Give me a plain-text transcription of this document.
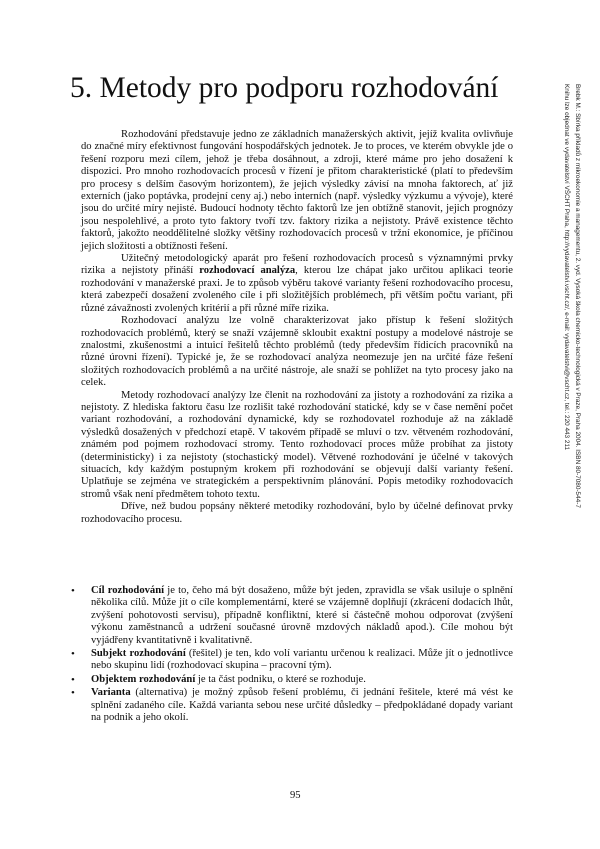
5. Metody pro podporu rozhodování	Brebk M.: Sbírka příkladů z mikroekonomie a managementu, 2. vyd. Vysoká škola chemicko-technologická v Praze, Praha 2004. ISBN 80-7080-544-7
Knihu lze objednat ve vydavatelství VŠCHT Praha, http://vydavatelstvi.vscht.cz/, e-mail: vydavatelstvi@vscht.cz, tel.: 220 443 211

Rozhodování představuje jedno ze základních manažerských aktivit, jejíž kvalita ovlivňuje do značné míry efektivnost fungování hospodářských jednotek. Je to proces, ve kterém obvykle jde o řešení rozporu mezi cílem, jehož je třeba dosáhnout, a zdroji, které máme pro jeho dosažení k dispozici. Pro mnoho rozhodovacích procesů v řízení je přitom charakteristické (platí to především pro procesy s delším časovým horizontem), že jejich výsledky závisí na mnoha faktorech, ať již externích (jako poptávka, prodejní ceny aj.) nebo interních (např. výsledky výzkumu a vývoje), které jsou do určité míry nejisté. Budoucí hodnoty těchto faktorů lze jen obtížně stanovit, jejich prognózy jsou nespolehlivé, a proto tyto faktory tvoří tzv. faktory rizika a nejistoty. Právě existence těchto faktorů, jakožto neoddělitelné složky většiny rozhodovacích procesů v tržní ekonomice, je příčinou jejich složitosti a obtížnosti řešení.

Užitečný metodologický aparát pro řešení rozhodovacích procesů s významnými prvky rizika a nejistoty přináší rozhodovací analýza, kterou lze chápat jako určitou aplikaci teorie rozhodování v manažerské praxi. Je to způsob výběru takové varianty řešení rozhodovacího procesu, která zabezpečí dosažení zvoleného cíle i při složitějších problémech, při větším počtu variant, při různé závažnosti zvolených kritérií a při různé míře rizika.

Rozhodovací analýzu lze volně charakterizovat jako přístup k řešení složitých rozhodovacích problémů, který se snaží vzájemně skloubit exaktní postupy a modelové nástroje se znalostmi, zkušenostmi a intuicí řešitelů těchto problémů (tedy především řídicích pracovníků na různé úrovni řízení). Typické je, že se rozhodovací analýza neomezuje jen na určité fáze řešení složitých rozhodovacích problémů a na určité nástroje, ale snaží se pohlížet na tyto procesy jako na celek.

Metody rozhodovací analýzy lze členit na rozhodování za jistoty a rozhodování za rizika a nejistoty. Z hlediska faktoru času lze rozlišit také rozhodování statické, kdy se v čase nemění počet variant rozhodování, a rozhodování dynamické, kdy se rozhodovatel rozhoduje až na základě výsledků dosažených v předchozí etapě. V takovém případě se mluví o tzv. větveném rozhodování, známém pod pojmem rozhodovací stromy. Tento rozhodovací proces může probíhat za jistoty (deterministicky) i za nejistoty (stochastický model). Větvené rozhodování je účelné v takových situacích, kdy každým postupným krokem při rozhodování se objevují další varianty řešení. Uplatňuje se zejména ve strategickém a perspektivním plánování. Popis metodiky rozhodovacích stromů však není předmětem tohoto textu.

Dříve, než budou popsány některé metodiky rozhodování, bylo by účelné definovat prvky rozhodovacího procesu.

• Cíl rozhodování je to, čeho má být dosaženo, může být jeden, zpravidla se však usiluje o splnění několika cílů. Může jít o cíle komplementární, které se vzájemně doplňují (zkrácení dodacích lhůt, zvýšení pohotovosti servisu), případně konfliktní, které si částečně mohou odporovat (zvýšení výkonu zaměstnanců a udržení současné úrovně mzdových nákladů apod.). Cíle mohou být vyjádřeny kvantitativně i kvalitativně.
• Subjekt rozhodování (řešitel) je ten, kdo volí variantu určenou k realizaci. Může jít o jednotlivce nebo skupinu lidí (rozhodovací skupina – pracovní tým).
• Objektem rozhodování je ta část podniku, o které se rozhoduje.
• Varianta (alternativa) je možný způsob řešení problému, či jednání řešitele, které má vést ke splnění zadaného cíle. Každá varianta sebou nese určité důsledky – předpokládané dopady variant na podnik a jeho okolí.
95
